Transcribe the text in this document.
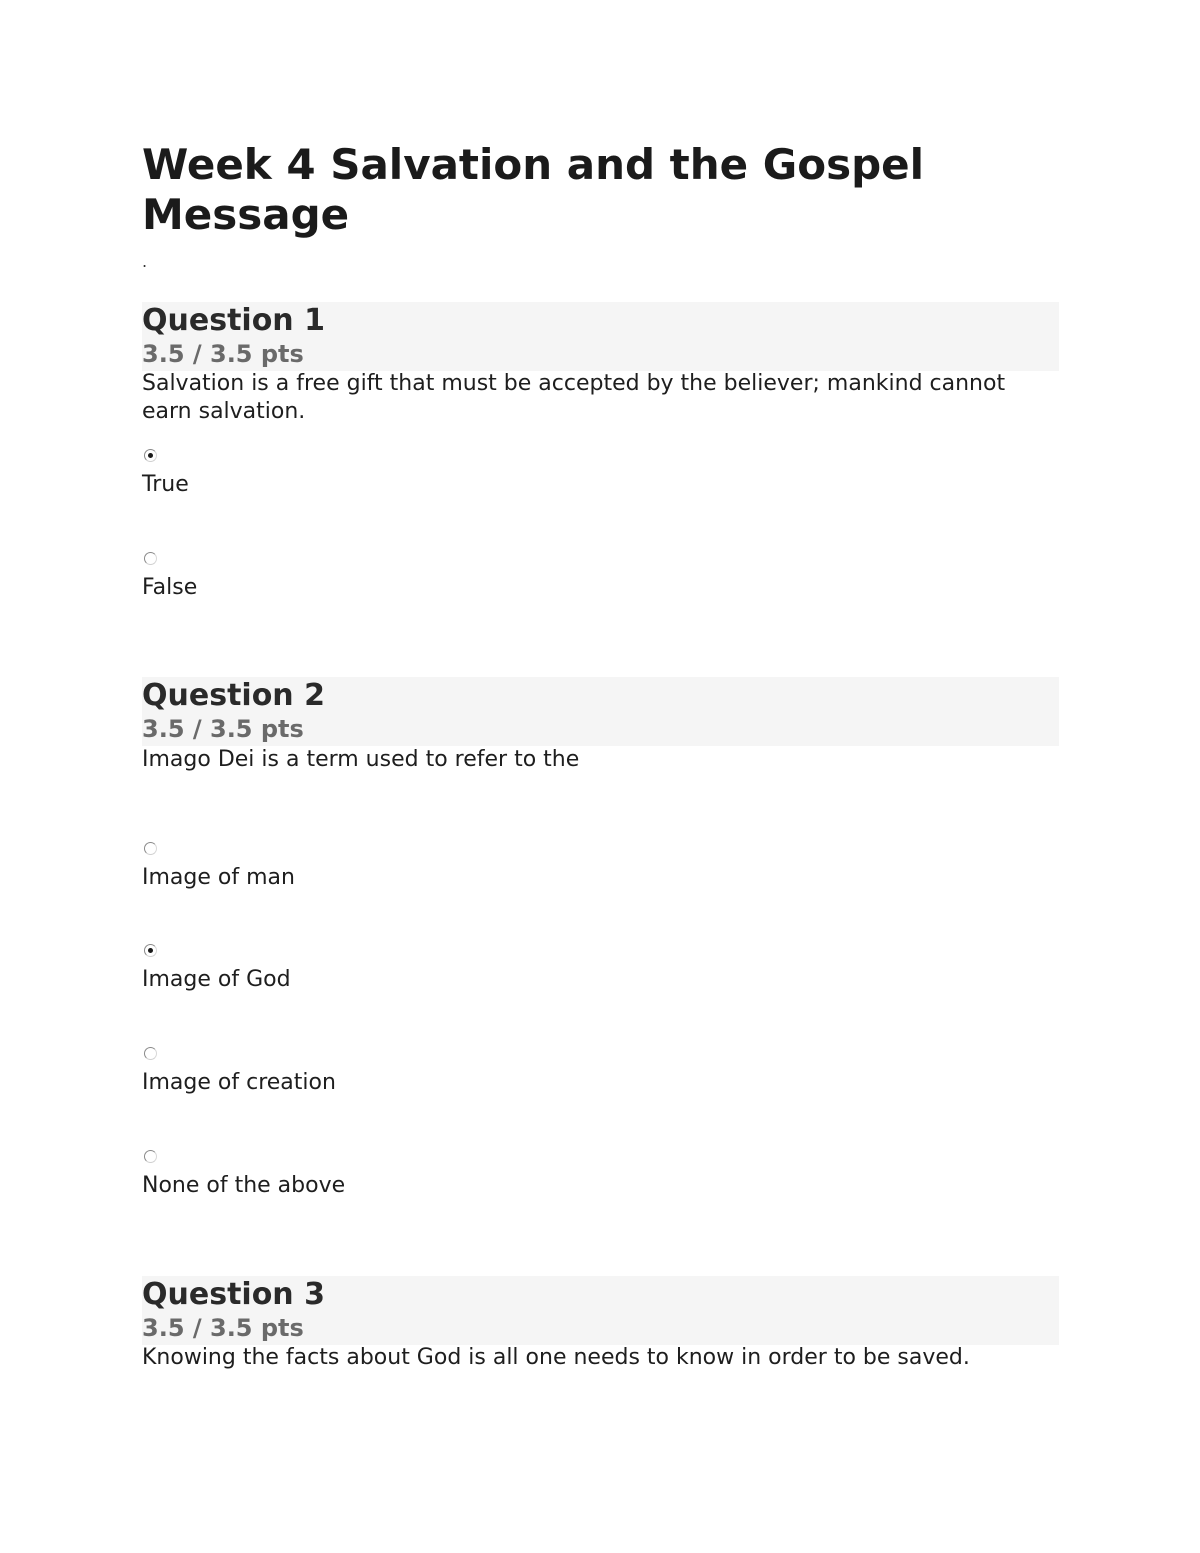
Week 4 Salvation and the Gospel Message
.
Question 1
3.5 / 3.5 pts
Salvation is a free gift that must be accepted by the believer; mankind cannot earn salvation.
True
False
Question 2
3.5 / 3.5 pts
Imago Dei is a term used to refer to the
Image of man
Image of God
Image of creation
None of the above
Question 3
3.5 / 3.5 pts
Knowing the facts about God is all one needs to know in order to be saved.
